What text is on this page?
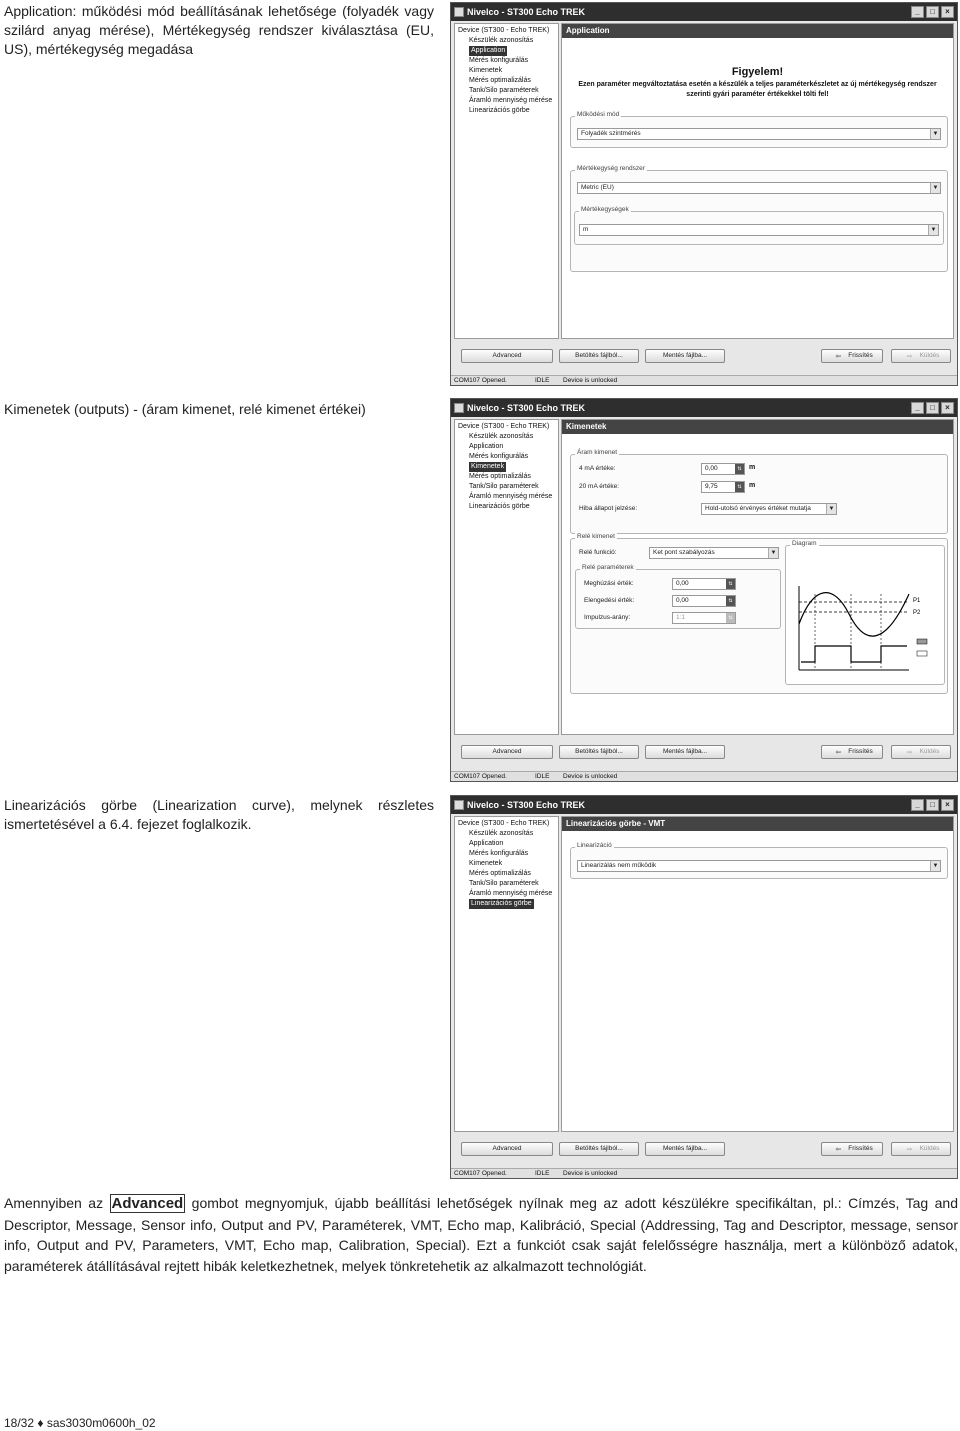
Application: működési mód beállításának lehetősége (folyadék vagy szilárd anyag mérése), Mértékegység rendszer kiválasztása (EU, US), mértékegység megadása
Nivelco - ST300 Echo TREK	_	□	×
Device (ST300 - Echo TREK)
Készülék azonosítás
Application
Mérés konfigurálás
Kimenetek
Mérés optimalizálás
Tank/Silo paraméterek
Áramló mennyiség mérése
Linearizációs görbe
Application
Figyelem!
Ezen paraméter megváltoztatása esetén a készülék a teljes paraméterkészletet az új mértékegység rendszer szerinti gyári paraméter értékekkel tölti fel!
Működési mód
Folyadék szintmérés	▼
Mértékegység rendszer
Metric (EU)	▼
Mértékegységek
m	▼
Advanced	Betöltés fájlból...	Mentés fájlba...	⇦ Frissítés	⇨ Küldés
COM107 Opened.	IDLE Device is unlocked
Kimenetek (outputs) - (áram kimenet, relé kimenet értékei)	Nivelco - ST300 Echo TREK	_	□	×
Device (ST300 - Echo TREK)
Készülék azonosítás
Application
Mérés konfigurálás
Kimenetek
Mérés optimalizálás
Tank/Silo paraméterek
Áramló mennyiség mérése
Linearizációs görbe
Kimenetek
Áram kimenet
4 mA értéke:	0,00	⇅	m
20 mA értéke:	9,75	⇅	m
Hiba állapot jelzése:	Hold-utolsó érvényes értéket mutatja	▼
Relé kimenet
Relé funkció:	Ket pont szabályozás	▼
Relé paraméterek
Meghúzási érték:	0,00	⇅
Elengedési érték:	0,00	⇅
Impulzus-arány:	1:1	⇅
Diagram
P1
P2
Advanced	Betöltés fájlból...	Mentés fájlba...	⇦ Frissítés	⇨ Küldés
COM107 Opened.	IDLE Device is unlocked
Linearizációs görbe (Linearization curve), melynek részletes ismertetésével a 6.4. fejezet foglalkozik.
Nivelco - ST300 Echo TREK	_	□	×
Device (ST300 - Echo TREK)
Készülék azonosítás
Application
Mérés konfigurálás
Kimenetek
Mérés optimalizálás
Tank/Silo paraméterek
Áramló mennyiség mérése
Linearizációs görbe
Linearizációs görbe - VMT
Linearizáció
Linearizálás nem működik	▼
Advanced	Betöltés fájlból...	Mentés fájlba...	⇦ Frissítés	⇨ Küldés
COM107 Opened.	IDLE Device is unlocked
Amennyiben az Advanced gombot megnyomjuk, újabb beállítási lehetőségek nyílnak meg az adott készülékre specifikáltan, pl.: Címzés, Tag and Descriptor, Message, Sensor info, Output and PV, Paraméterek, VMT, Echo map, Kalibráció, Special (Addressing, Tag and Descriptor, message, sensor info, Output and PV, Parameters, VMT, Echo map, Calibration, Special). Ezt a funkciót csak saját felelősségre használja, mert a különböző adatok, paraméterek átállításával rejtett hibák keletkezhetnek, melyek tönkretehetik az alkalmazott technológiát.
18/32 ♦ sas3030m0600h_02
